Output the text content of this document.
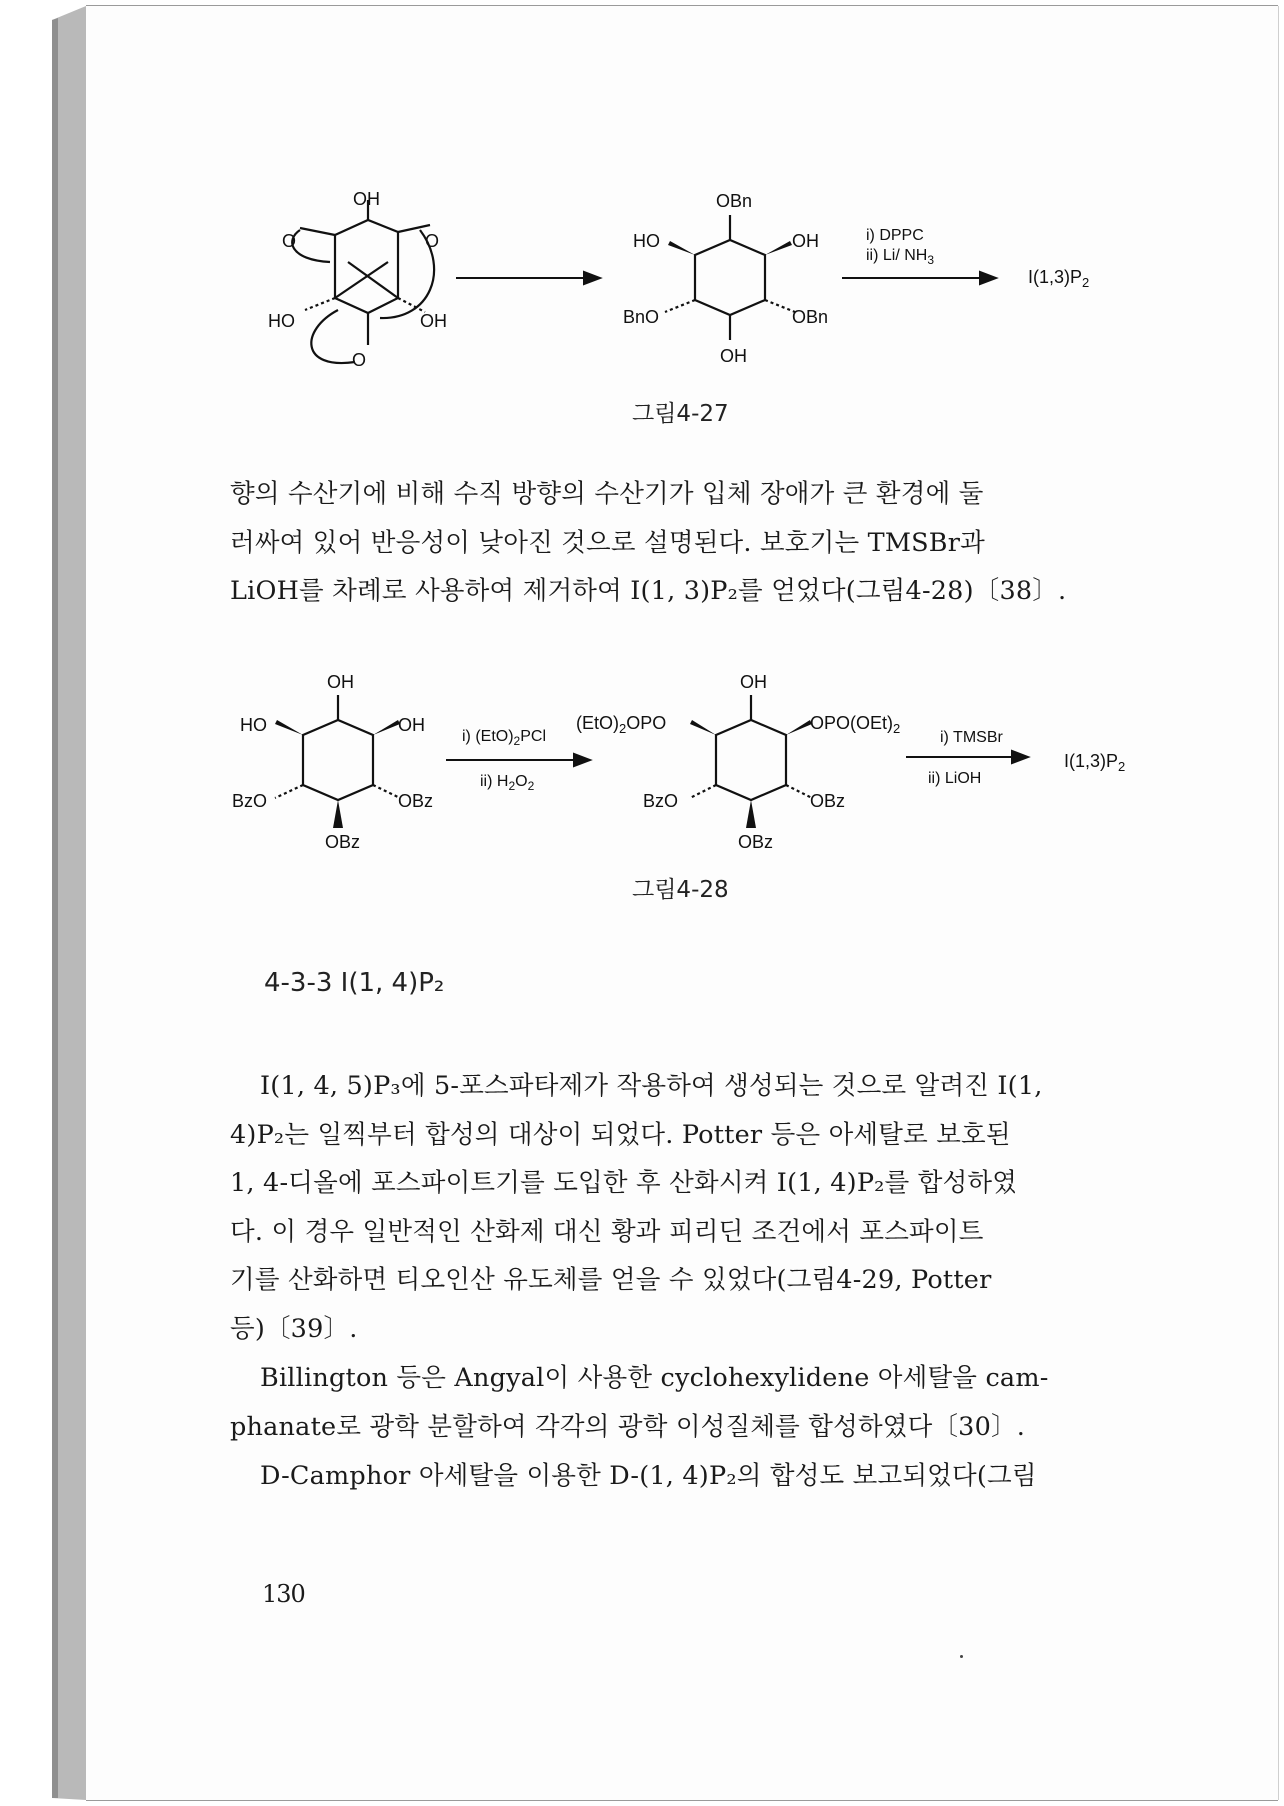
OH
O	O
HO	OH
O
OBn
HO	OH
BnO	OBn
OH
i) DPPC
ii) Li/ $NH_3$
$I(1,3)P_2$
OH
HO	OH
BzO	OBz
OBz
i) $(EtO)_2PCl$
ii) $H_2O_2$
OH
$(EtO)_2OPO$	$OPO(OEt)_2$
BzO	OBz
OBz
i) TMSBr
ii) LiOH
$I(1,3)P_2$
그림4-27

향의 수산기에 비해 수직 방향의 수산기가 입체 장애가 큰 환경에 둘
러싸여 있어 반응성이 낮아진 것으로 설명된다. 보호기는 TMSBr과
LiOH를 차례로 사용하여 제거하여 I(1, 3)P₂를 얻었다(그림4-28)〔38〕.

그림4-28
4-3-3 I(1, 4)P₂

I(1, 4, 5)P₃에 5-포스파타제가 작용하여 생성되는 것으로 알려진 I(1,
4)P₂는 일찍부터 합성의 대상이 되었다. Potter 등은 아세탈로 보호된
1, 4-디올에 포스파이트기를 도입한 후 산화시켜 I(1, 4)P₂를 합성하였
다. 이 경우 일반적인 산화제 대신 황과 피리딘 조건에서 포스파이트
기를 산화하면 티오인산 유도체를 얻을 수 있었다(그림4-29, Potter
등)〔39〕.

Billington 등은 Angyal이 사용한 cyclohexylidene 아세탈을 cam-
phanate로 광학 분할하여 각각의 광학 이성질체를 합성하였다〔30〕.

D-Camphor 아세탈을 이용한 D-(1, 4)P₂의 합성도 보고되었다(그림

130
